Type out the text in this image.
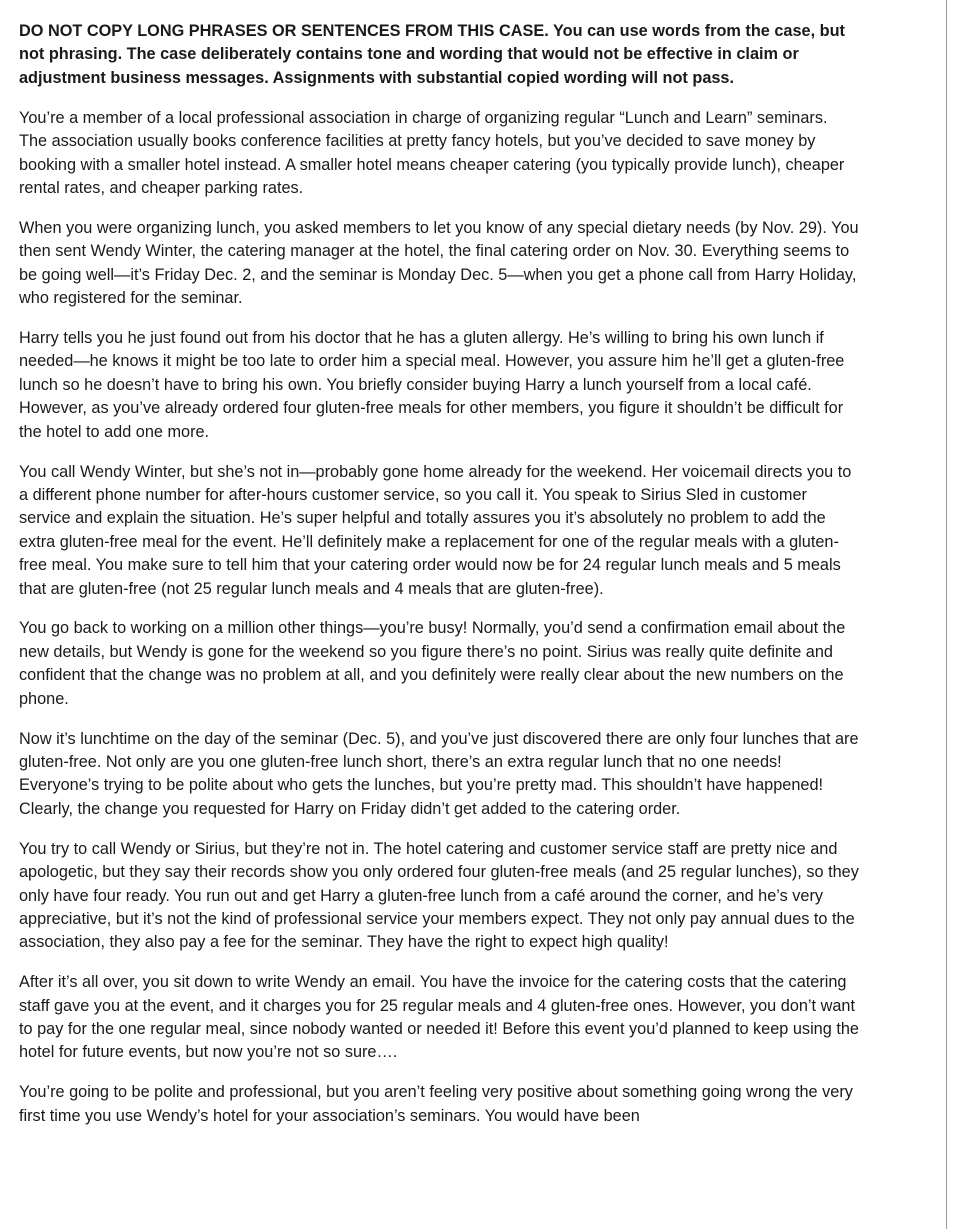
DO NOT COPY LONG PHRASES OR SENTENCES FROM THIS CASE. You can use words from the case, but not phrasing. The case deliberately contains tone and wording that would not be effective in claim or adjustment business messages. Assignments with substantial copied wording will not pass.

You’re a member of a local professional association in charge of organizing regular “Lunch and Learn” seminars. The association usually books conference facilities at pretty fancy hotels, but you’ve decided to save money by booking with a smaller hotel instead. A smaller hotel means cheaper catering (you typically provide lunch), cheaper rental rates, and cheaper parking rates.

When you were organizing lunch, you asked members to let you know of any special dietary needs (by Nov. 29). You then sent Wendy Winter, the catering manager at the hotel, the final catering order on Nov. 30. Everything seems to be going well—it’s Friday Dec. 2, and the seminar is Monday Dec. 5—when you get a phone call from Harry Holiday, who registered for the seminar.

Harry tells you he just found out from his doctor that he has a gluten allergy. He’s willing to bring his own lunch if needed—he knows it might be too late to order him a special meal. However, you assure him he’ll get a gluten-free lunch so he doesn’t have to bring his own. You briefly consider buying Harry a lunch yourself from a local café. However, as you’ve already ordered four gluten-free meals for other members, you figure it shouldn’t be difficult for the hotel to add one more.

You call Wendy Winter, but she’s not in—probably gone home already for the weekend. Her voicemail directs you to a different phone number for after-hours customer service, so you call it. You speak to Sirius Sled in customer service and explain the situation. He’s super helpful and totally assures you it’s absolutely no problem to add the extra gluten-free meal for the event. He’ll definitely make a replacement for one of the regular meals with a gluten-free meal. You make sure to tell him that your catering order would now be for 24 regular lunch meals and 5 meals that are gluten-free (not 25 regular lunch meals and 4 meals that are gluten-free).

You go back to working on a million other things—you’re busy! Normally, you’d send a confirmation email about the new details, but Wendy is gone for the weekend so you figure there’s no point. Sirius was really quite definite and confident that the change was no problem at all, and you definitely were really clear about the new numbers on the phone.

Now it’s lunchtime on the day of the seminar (Dec. 5), and you’ve just discovered there are only four lunches that are gluten-free. Not only are you one gluten-free lunch short, there’s an extra regular lunch that no one needs! Everyone’s trying to be polite about who gets the lunches, but you’re pretty mad. This shouldn’t have happened! Clearly, the change you requested for Harry on Friday didn’t get added to the catering order.

You try to call Wendy or Sirius, but they’re not in. The hotel catering and customer service staff are pretty nice and apologetic, but they say their records show you only ordered four gluten-free meals (and 25 regular lunches), so they only have four ready. You run out and get Harry a gluten-free lunch from a café around the corner, and he’s very appreciative, but it’s not the kind of professional service your members expect. They not only pay annual dues to the association, they also pay a fee for the seminar. They have the right to expect high quality!

After it’s all over, you sit down to write Wendy an email. You have the invoice for the catering costs that the catering staff gave you at the event, and it charges you for 25 regular meals and 4 gluten-free ones. However, you don’t want to pay for the one regular meal, since nobody wanted or needed it! Before this event you’d planned to keep using the hotel for future events, but now you’re not so sure….

You’re going to be polite and professional, but you aren’t feeling very positive about something going wrong the very first time you use Wendy’s hotel for your association’s seminars. You would have been
